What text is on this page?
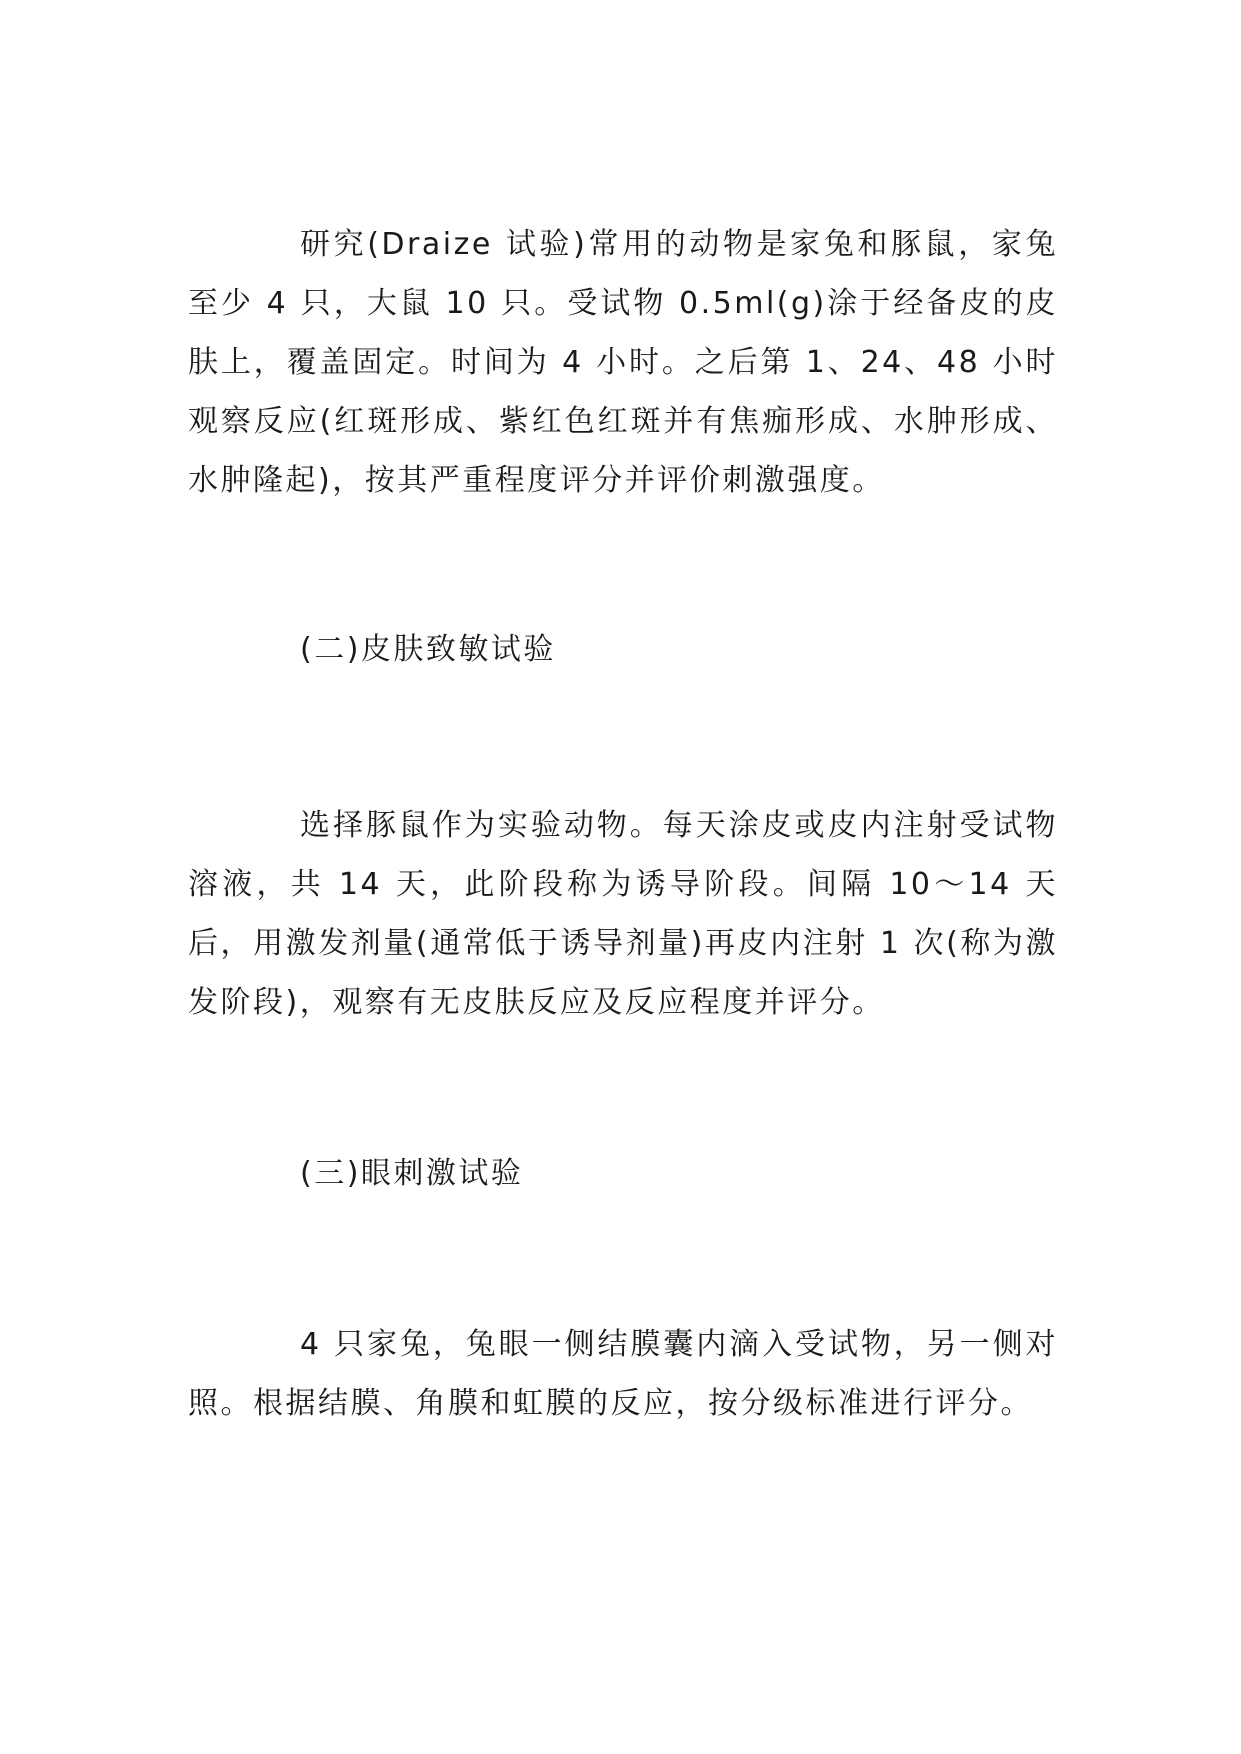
研究(Draize 试验)常用的动物是家兔和豚鼠，家兔至少 4 只，大鼠 10 只。受试物 0.5ml(g)涂于经备皮的皮肤上，覆盖固定。时间为 4 小时。之后第 1、24、48 小时观察反应(红斑形成、紫红色红斑并有焦痂形成、水肿形成、水肿隆起)，按其严重程度评分并评价刺激强度。

(二)皮肤致敏试验

选择豚鼠作为实验动物。每天涂皮或皮内注射受试物溶液，共 14 天，此阶段称为诱导阶段。间隔 10～14 天后，用激发剂量(通常低于诱导剂量)再皮内注射 1 次(称为激发阶段)，观察有无皮肤反应及反应程度并评分。

(三)眼刺激试验

4 只家兔，兔眼一侧结膜囊内滴入受试物，另一侧对照。根据结膜、角膜和虹膜的反应，按分级标准进行评分。
